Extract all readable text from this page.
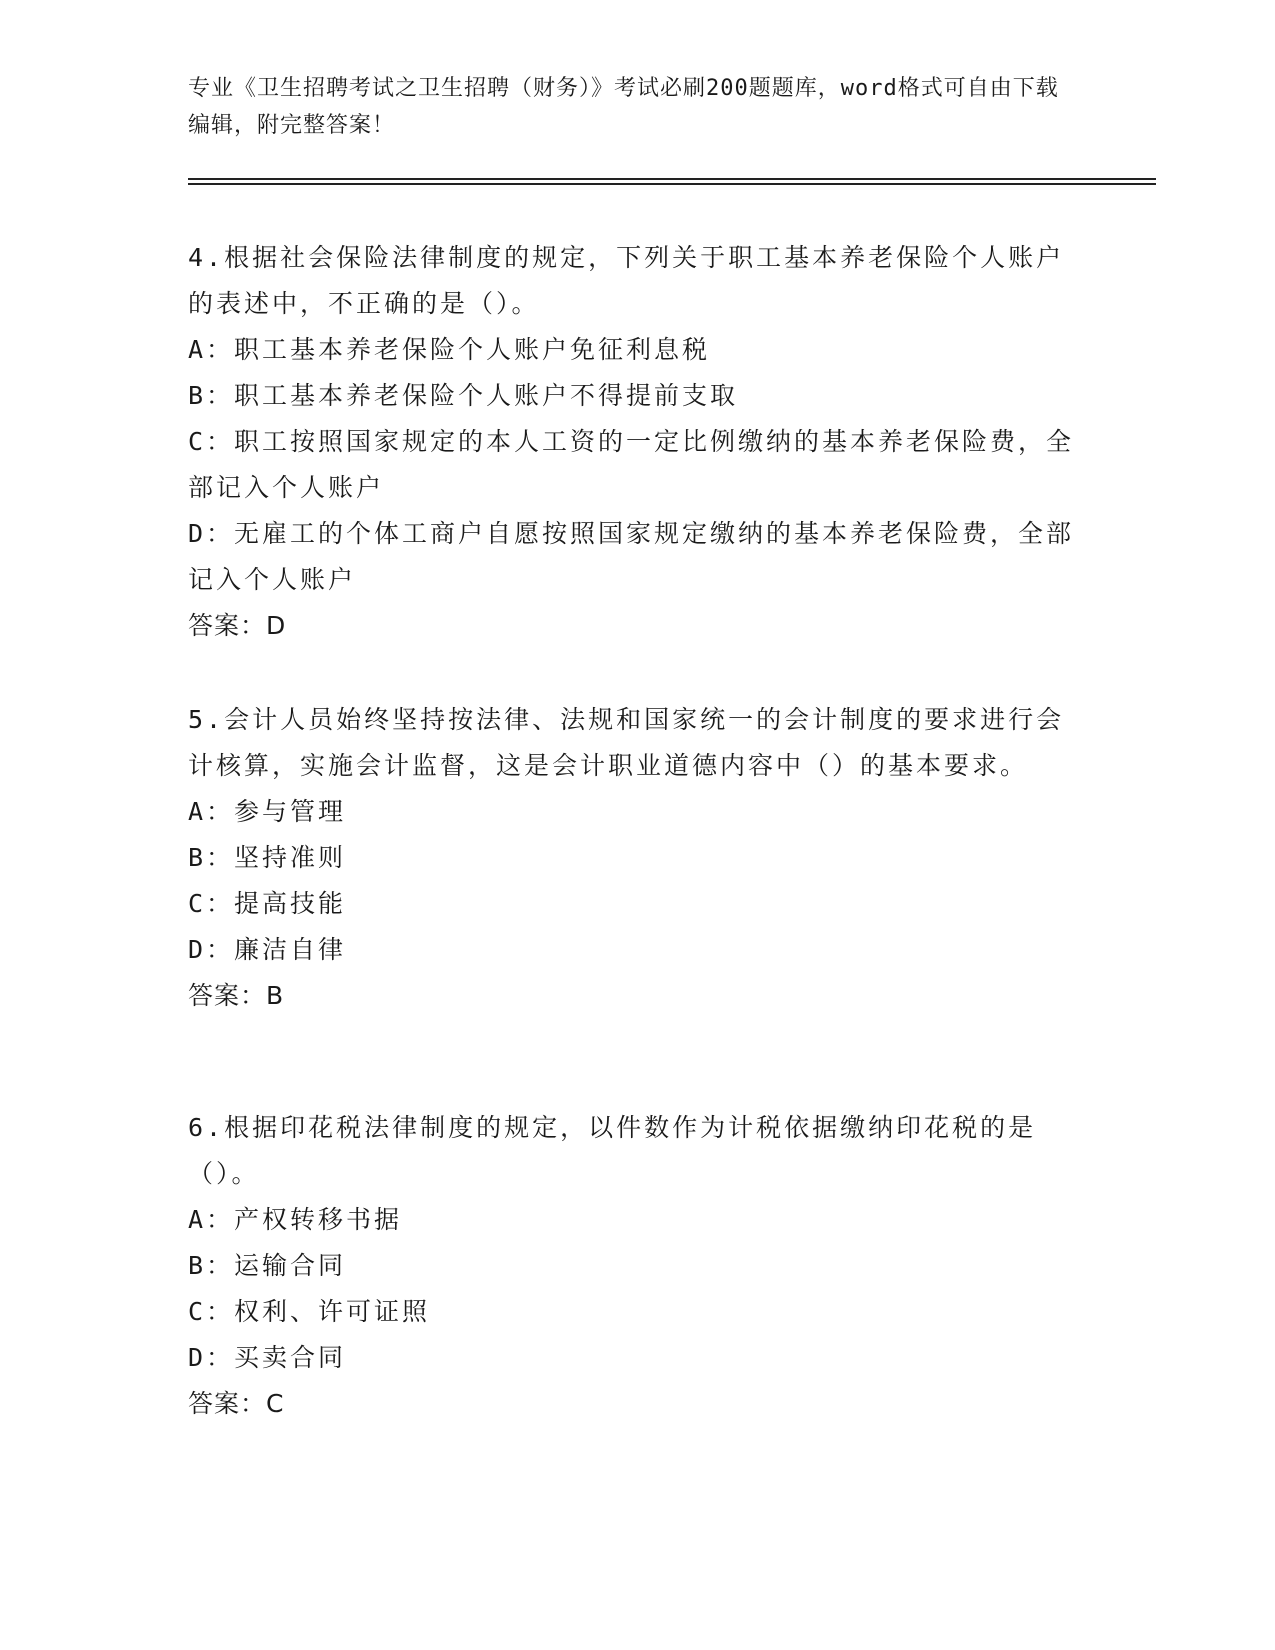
专业《卫生招聘考试之卫生招聘（财务）》考试必刷200题题库，word格式可自由下载编辑，附完整答案！

4.根据社会保险法律制度的规定，下列关于职工基本养老保险个人账户的表述中，不正确的是（）。

A：职工基本养老保险个人账户免征利息税

B：职工基本养老保险个人账户不得提前支取

C：职工按照国家规定的本人工资的一定比例缴纳的基本养老保险费，全部记入个人账户

D：无雇工的个体工商户自愿按照国家规定缴纳的基本养老保险费，全部记入个人账户

答案：D

5.会计人员始终坚持按法律、法规和国家统一的会计制度的要求进行会计核算，实施会计监督，这是会计职业道德内容中（）的基本要求。

A：参与管理

B：坚持准则

C：提高技能

D：廉洁自律

答案：B

6.根据印花税法律制度的规定，以件数作为计税依据缴纳印花税的是（）。

A：产权转移书据

B：运输合同

C：权利、许可证照

D：买卖合同

答案：C
